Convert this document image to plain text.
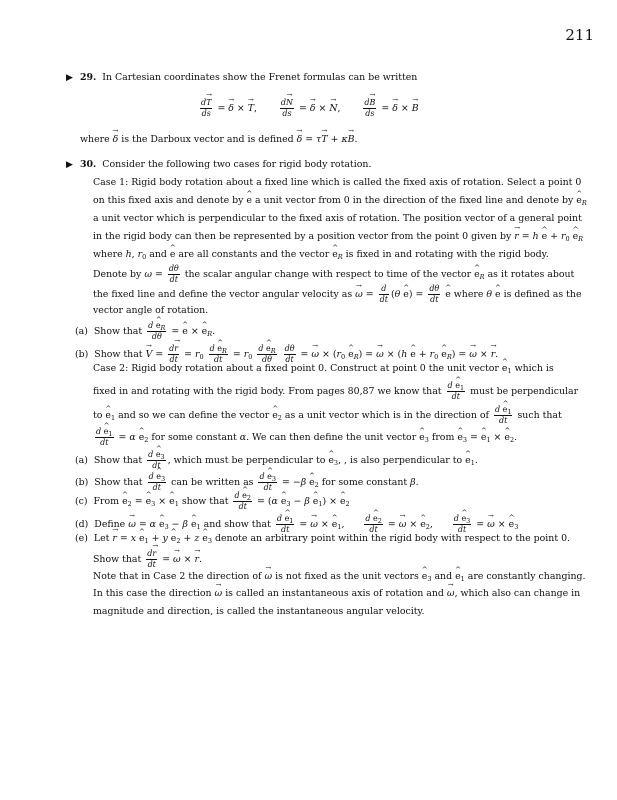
211
▶ 29. In Cartesian coordinates show the Frenet formulas can be written
$\frac{dT \to}{ds} = \delta$ → × T →,	$\frac{dN \to}{ds} = \delta$ → × N →,	$\frac{dB \to}{ds} = \delta$ → × B →
where δ → is the Darboux vector and is defined δ → = τT → + κB →.
▶ 30. Consider the following two cases for rigid body rotation.
Case 1: Rigid body rotation about a fixed line which is called the fixed axis of rotation. Select a point 0
on this fixed axis and denote by e ^ a unit vector from 0 in the direction of the fixed line and denote by e $\^{}_R$
a unit vector which is perpendicular to the fixed axis of rotation. The position vector of a general point
in the rigid body can then be represented by a position vector from the point 0 given by r → = h e ^ + $r_0$ e $\^{}_R$
where h, $r_0$ and e ^ are all constants and the vector e $\^{}_R$ is fixed in and rotating with the rigid body.
Denote by $\omega = \frac{d\theta}{dt}$ the scalar angular change with respect to time of the vector e $\^{}_R$ as it rotates about
the fixed line and define the vector angular velocity as ω → = $\frac{d}{dt} (\theta$ e ^) = $\frac{d\theta}{dt}$ e ^ where θ e ^ is defined as the
vector angle of rotation.
(a) Show that $\frac{d e \^{}_R}{d\theta} = e$ ^ × e $\^{}_R$.
(b) Show that V → = $\frac{dr \to}{dt} = r_0 \frac{d e \^{}_R}{dt} = r_0 \frac{d e \^{}_R}{d\theta}$
$\frac{d\theta}{dt} = \omega$ → × ($r_0$ e $\^{}_R) = \omega$ → × (h e ^ + $r_0$ e $\^{}_R) = \omega$ → × r →.
Case 2: Rigid body rotation about a fixed point 0. Construct at point 0 the unit vector e $\^{}_1$ which is
fixed in and rotating with the rigid body. From pages 80,87 we know that $\frac{d e \^{}_1}{dt}$ must be perpendicular
to e $\^{}_1$ and so we can define the vector e $\^{}_2$ as a unit vector which is in the direction of $\frac{d e \^{}_1}{dt}$ such that
$\frac{d e \^{}_1}{dt} = \alpha$ e $\^{}_2$ for some constant α. We can then define the unit vector e $\^{}_3$ from e $\^{}_3 = e$ $\^{}_1 \times e$ $\^{}_2$.
(a) Show that $\frac{d e \^{}_3}{dt}$ , which must be perpendicular to e $\^{}_3$, , is also perpendicular to e $\^{}_1$.
(b) Show that $\frac{d e \^{}_3}{dt}$ can be written as $\frac{d e \^{}_3}{dt} = -\beta$ e $\^{}_2$ for some constant β.
(c) From e $\^{}_2 = e$ $\^{}_3 \times e$ $\^{}_1$ show that $\frac{d e \^{}_2}{dt} = (\alpha$ e $\^{}_3 - \beta$ e $\^{}_1) \times e$ $\^{}_2$
(d) Define ω → = α e $\^{}_3 - \beta$ e $\^{}_1$ and show that $\frac{d e \^{}_1}{dt} = \omega$ → × e $\^{}_1$, $\frac{d e \^{}_2}{dt} = \omega$ → × e $\^{}_2$, $\frac{d e \^{}_3}{dt} = \omega$ → × e $\^{}_3$
(e) Let r → = x e $\^{}_1 + y$ e $\^{}_2 + z$ e $\^{}_3$ denote an arbitrary point within the rigid body with respect to the point 0.
Show that $\frac{dr \to}{dt} = \omega$ → × r →.
Note that in Case 2 the direction of ω → is not fixed as the unit vectors e $\^{}_3$ and e $\^{}_1$ are constantly changing.
In this case the direction ω → is called an instantaneous axis of rotation and ω →, which also can change in
magnitude and direction, is called the instantaneous angular velocity.
